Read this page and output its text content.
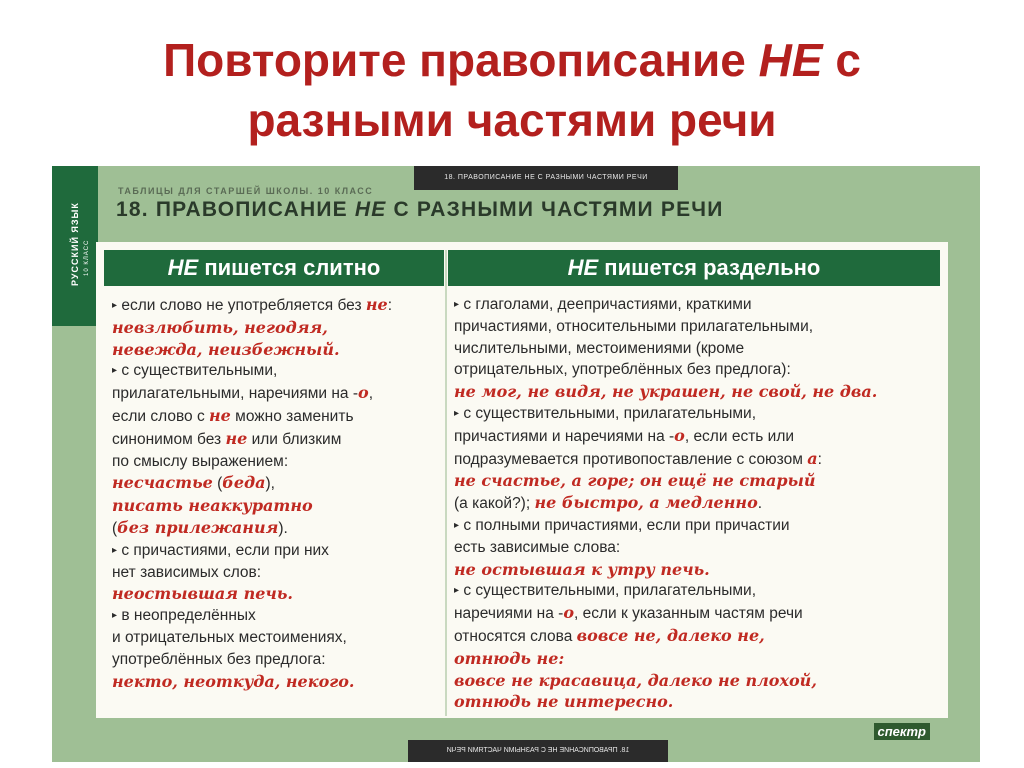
Повторите правописание НЕ с
разными частями речи
18. ПРАВОПИСАНИЕ НЕ С РАЗНЫМИ ЧАСТЯМИ РЕЧИ
РУССКИЙ ЯЗЫК 10 КЛАСС
ТАБЛИЦЫ ДЛЯ СТАРШЕЙ ШКОЛЫ. 10 КЛАСС
18. ПРАВОПИСАНИЕ НЕ С РАЗНЫМИ ЧАСТЯМИ РЕЧИ
НЕ пишется слитно	НЕ пишется раздельно

▸ если слово не употребляется без не:

невзлюбить, негодяя,

невежда, неизбежный.

▸ с существительными,

прилагательными, наречиями на -о,

если слово с не можно заменить

синонимом без не или близким

по смыслу выражением:

несчастье (беда),

писать неаккуратно

(без прилежания).

▸ с причастиями, если при них

нет зависимых слов:

неостывшая печь.

▸ в неопределённых

и отрицательных местоимениях,

употреблённых без предлога:

некто, неоткуда, некого.

▸ с глаголами, деепричастиями, краткими

причастиями, относительными прилагательными,

числительными, местоимениями (кроме

отрицательных, употреблённых без предлога):

не мог, не видя, не украшен, не свой, не два.

▸ с существительными, прилагательными,

причастиями и наречиями на -о, если есть или

подразумевается противопоставление с союзом а:

не счастье, а горе; он ещё не старый

(а какой?); не быстро, а медленно.

▸ с полными причастиями, если при причастии

есть зависимые слова:

не остывшая к утру печь.

▸ с существительными, прилагательными,

наречиями на -о, если к указанным частям речи

относятся слова вовсе не, далеко не,

отнюдь не:

вовсе не красавица, далеко не плохой,

отнюдь не интересно.

спектр
18. ПРАВОПИСАНИЕ НЕ С РАЗНЫМИ ЧАСТЯМИ РЕЧИ
